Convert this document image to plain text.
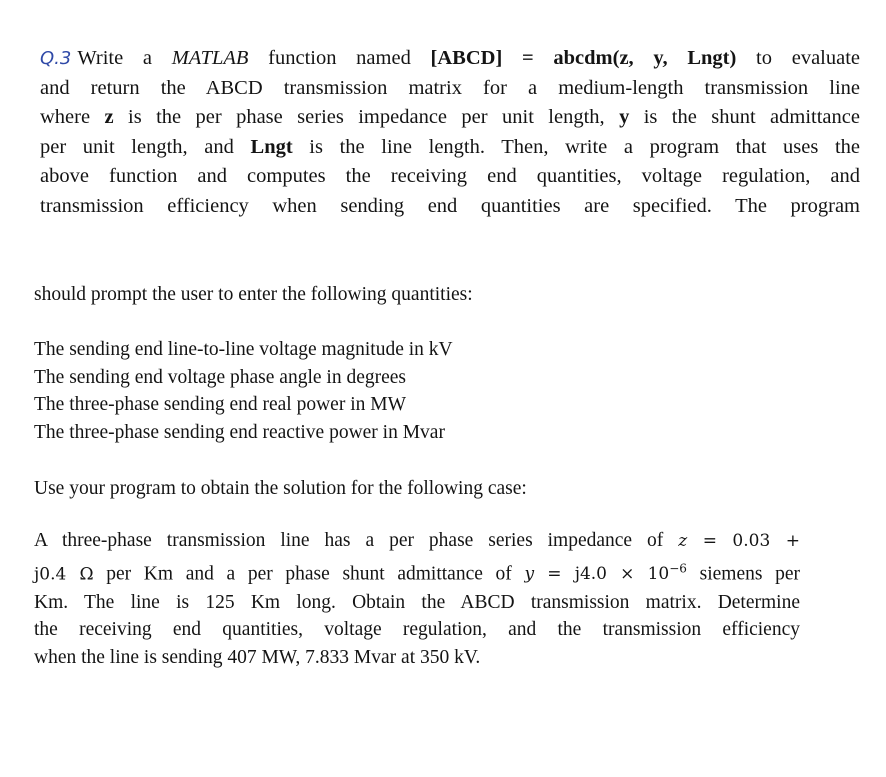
Q.3 Write a MATLAB function named [ABCD] = abcdm(z, y, Lngt) to evaluate
and return the ABCD transmission matrix for a medium-length transmission line
where z is the per phase series impedance per unit length, y is the shunt admittance
per unit length, and Lngt is the line length. Then, write a program that uses the
above function and computes the receiving end quantities, voltage regulation, and
transmission efficiency when sending end quantities are specified. The program
should prompt the user to enter the following quantities:
The sending end line-to-line voltage magnitude in kV
The sending end voltage phase angle in degrees
The three-phase sending end real power in MW
The three-phase sending end reactive power in Mvar
Use your program to obtain the solution for the following case:
A three-phase transmission line has a per phase series impedance of z = 0.03 +
j0.4 Ω per Km and a per phase shunt admittance of $y = j4.0 \times 10^{-6}$ siemens per
Km. The line is 125 Km long. Obtain the ABCD transmission matrix. Determine
the receiving end quantities, voltage regulation, and the transmission efficiency
when the line is sending 407 MW, 7.833 Mvar at 350 kV.
